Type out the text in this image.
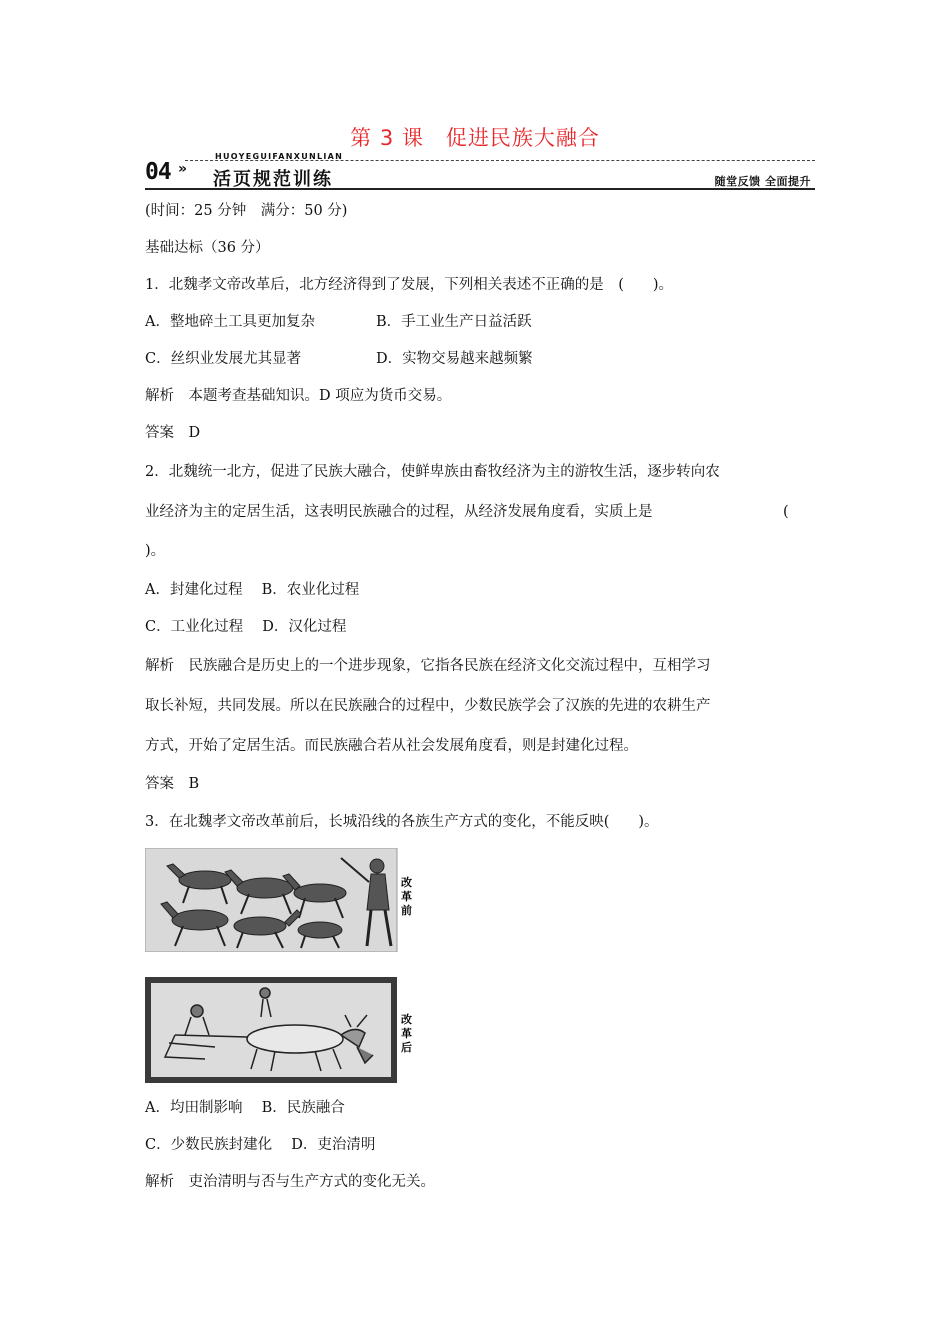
第 3 课　促进民族大融合
HUOYEGUIFANXUNLIAN
04 » 活页规范训练	随堂反馈 全面提升
(时间：25 分钟　满分：50 分)
基础达标（36 分）
1．北魏孝文帝改革后，北方经济得到了发展，下列相关表述不正确的是　(　　)。
A．整地碎土工具更加复杂	B．手工业生产日益活跃
C．丝织业发展尤其显著	D．实物交易越来越频繁
解析　本题考查基础知识。D 项应为货币交易。
答案　D
2．北魏统一北方，促进了民族大融合，使鲜卑族由畜牧经济为主的游牧生活，逐步转向农
业经济为主的定居生活，这表明民族融合的过程，从经济发展角度看，实质上是	(
)。
A．封建化过程　 B．农业化过程
C．工业化过程　 D．汉化过程
解析　民族融合是历史上的一个进步现象，它指各民族在经济文化交流过程中，互相学习
取长补短，共同发展。所以在民族融合的过程中，少数民族学会了汉族的先进的农耕生产
方式，开始了定居生活。而民族融合若从社会发展角度看，则是封建化过程。
答案　B
3．在北魏孝文帝改革前后，长城沿线的各族生产方式的变化，不能反映(　　)。
改
革
前
改
革
后
A．均田制影响　 B．民族融合
C．少数民族封建化　 D．吏治清明
解析　吏治清明与否与生产方式的变化无关。
